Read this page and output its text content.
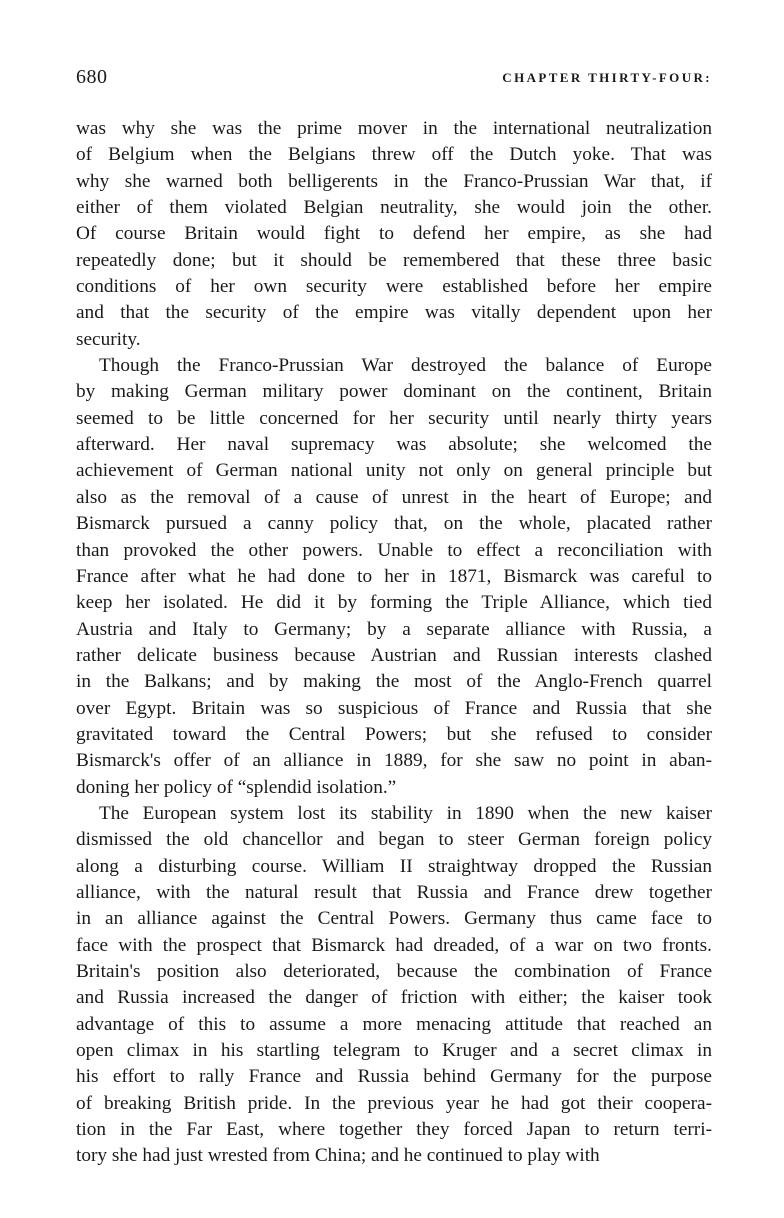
680	CHAPTER THIRTY-FOUR:
was why she was the prime mover in the international neutralization
of Belgium when the Belgians threw off the Dutch yoke. That was
why she warned both belligerents in the Franco-Prussian War that, if
either of them violated Belgian neutrality, she would join the other.
Of course Britain would fight to defend her empire, as she had
repeatedly done; but it should be remembered that these three basic
conditions of her own security were established before her empire
and that the security of the empire was vitally dependent upon her
security.
Though the Franco-Prussian War destroyed the balance of Europe
by making German military power dominant on the continent, Britain
seemed to be little concerned for her security until nearly thirty years
afterward. Her naval supremacy was absolute; she welcomed the
achievement of German national unity not only on general principle but
also as the removal of a cause of unrest in the heart of Europe; and
Bismarck pursued a canny policy that, on the whole, placated rather
than provoked the other powers. Unable to effect a reconciliation with
France after what he had done to her in 1871, Bismarck was careful to
keep her isolated. He did it by forming the Triple Alliance, which tied
Austria and Italy to Germany; by a separate alliance with Russia, a
rather delicate business because Austrian and Russian interests clashed
in the Balkans; and by making the most of the Anglo-French quarrel
over Egypt. Britain was so suspicious of France and Russia that she
gravitated toward the Central Powers; but she refused to consider
Bismarck's offer of an alliance in 1889, for she saw no point in aban-
doning her policy of “splendid isolation.”
The European system lost its stability in 1890 when the new kaiser
dismissed the old chancellor and began to steer German foreign policy
along a disturbing course. William II straightway dropped the Russian
alliance, with the natural result that Russia and France drew together
in an alliance against the Central Powers. Germany thus came face to
face with the prospect that Bismarck had dreaded, of a war on two fronts.
Britain's position also deteriorated, because the combination of France
and Russia increased the danger of friction with either; the kaiser took
advantage of this to assume a more menacing attitude that reached an
open climax in his startling telegram to Kruger and a secret climax in
his effort to rally France and Russia behind Germany for the purpose
of breaking British pride. In the previous year he had got their coopera-
tion in the Far East, where together they forced Japan to return terri-
tory she had just wrested from China; and he continued to play with
